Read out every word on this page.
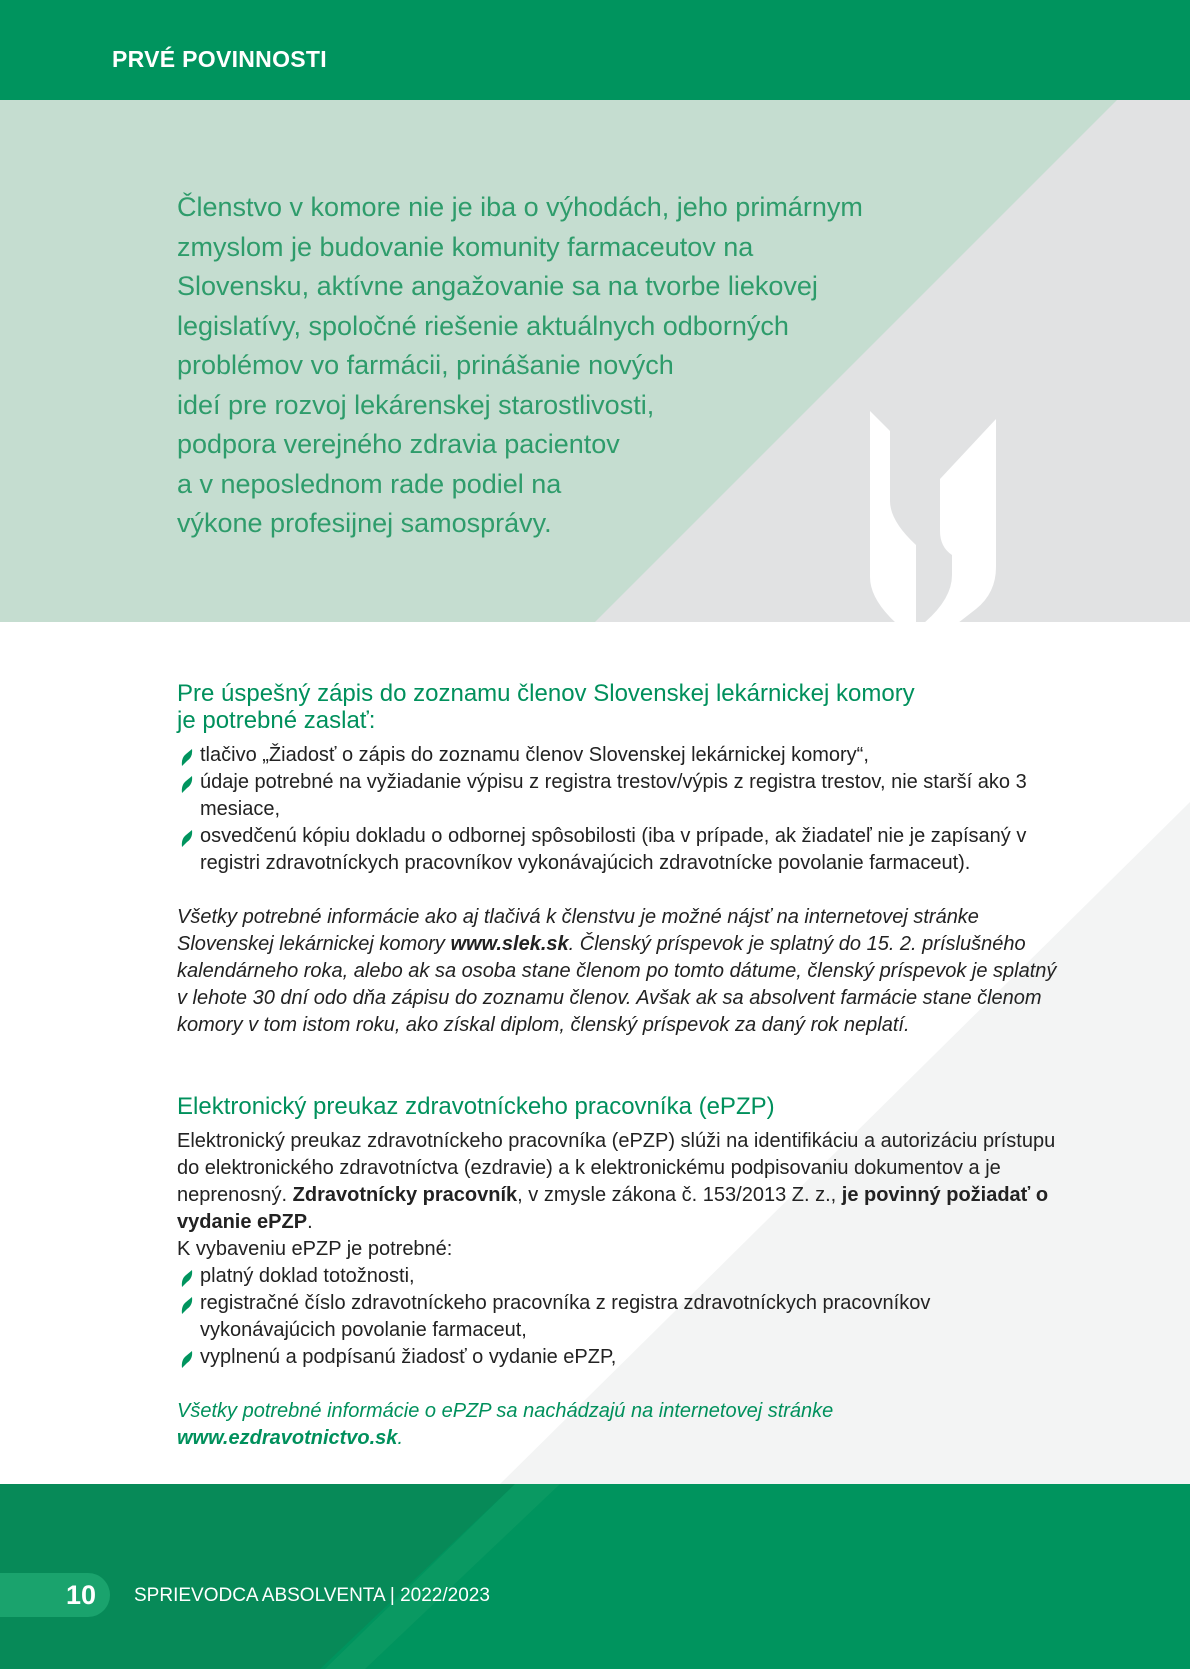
PRVÉ POVINNOSTI

Členstvo v komore nie je iba o výhodách, jeho primárnym
zmyslom je budovanie komunity farmaceutov na
Slovensku, aktívne angažovanie sa na tvorbe liekovej
legislatívy, spoločné riešenie aktuálnych odborných
problémov vo farmácii, prinášanie nových
ideí pre rozvoj lekárenskej starostlivosti,
podpora verejného zdravia pacientov
a v neposlednom rade podiel na
výkone profesijnej samosprávy.

Pre úspešný zápis do zoznamu členov Slovenskej lekárnickej komory
je potrebné zaslať:
tlačivo „Žiadosť o zápis do zoznamu členov Slovenskej lekárnickej komory“,
údaje potrebné na vyžiadanie výpisu z registra trestov/výpis z registra trestov, nie starší ako 3 mesiace,
osvedčenú kópiu dokladu o odbornej spôsobilosti (iba v prípade, ak žiadateľ nie je zapísaný v registri zdravotníckych pracovníkov vykonávajúcich zdravotnícke povolanie farmaceut).

Všetky potrebné informácie ako aj tlačivá k členstvu je možné nájsť na internetovej stránke Slovenskej lekárnickej komory www.slek.sk. Členský príspevok je splatný do 15. 2. príslušného kalendárneho roka, alebo ak sa osoba stane členom po tomto dátume, členský príspevok je splatný v lehote 30 dní odo dňa zápisu do zoznamu členov. Avšak ak sa absolvent farmácie stane členom komory v tom istom roku, ako získal diplom, členský príspevok za daný rok neplatí.

Elektronický preukaz zdravotníckeho pracovníka (ePZP)

Elektronický preukaz zdravotníckeho pracovníka (ePZP) slúži na identifikáciu a autorizáciu prístupu do elektronického zdravotníctva (ezdravie) a k elektronickému podpisovaniu dokumentov a je neprenosný. Zdravotnícky pracovník, v zmysle zákona č. 153/2013 Z. z., je povinný požiadať o vydanie ePZP.
K vybaveniu ePZP je potrebné:

platný doklad totožnosti,
registračné číslo zdravotníckeho pracovníka z registra zdravotníckych pracovníkov vykonávajúcich povolanie farmaceut,
vyplnenú a podpísanú žiadosť o vydanie ePZP,

Všetky potrebné informácie o ePZP sa nachádzajú na internetovej stránke www.ezdravotnictvo.sk.

10 SPRIEVODCA ABSOLVENTA | 2022/2023
